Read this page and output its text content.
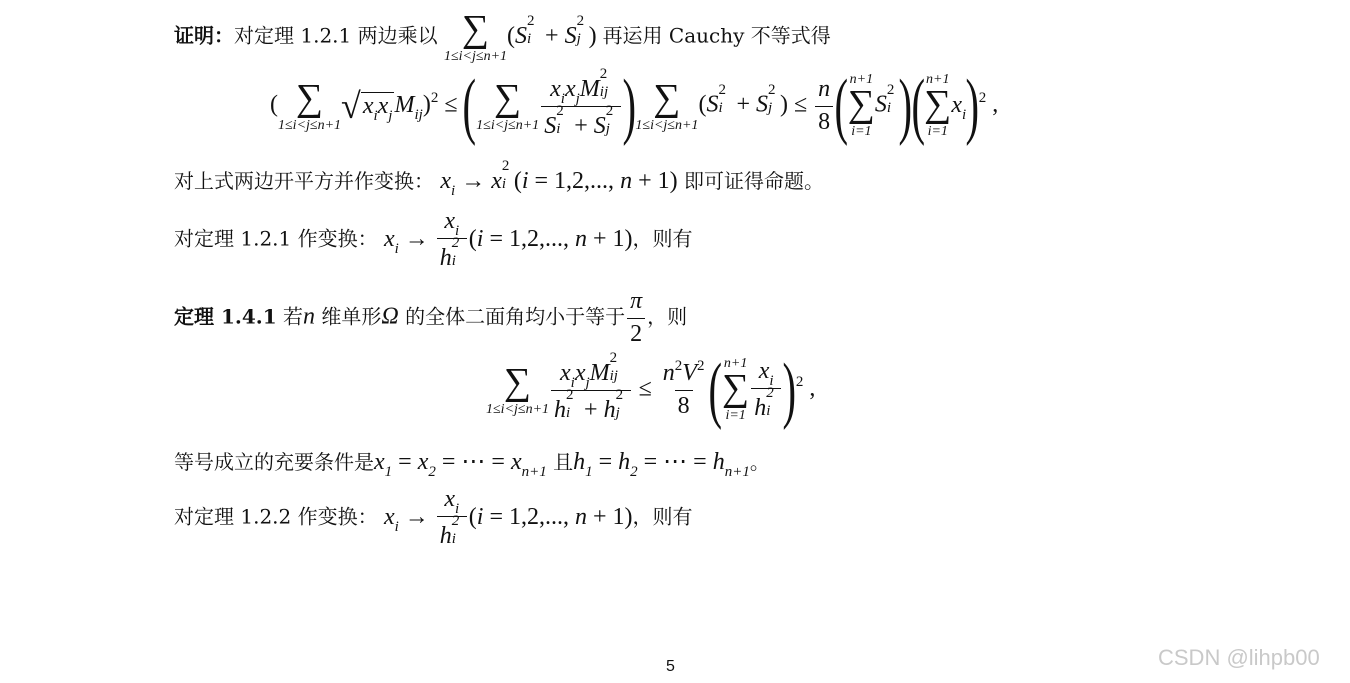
证明：对定理 1.2.1 两边乘以 ∑
1≤i<j≤n+1
(S
2
i + S
2
j ) 再运用 Cauchy 不等式得
( ∑
1≤i<j≤n+1 $√x_ix_jM_{ij})^2$ ≤ ( ∑
1≤i<j≤n+1 $x_ix_jM$
2
ij
S
2
i + S
2
j ) ∑
1≤i<j≤n+1
(S
2
i + S
2
j ) ≤ $\frac{n}{8}$ ( n+1
∑
i=1
S
2
i )( n+1
∑
i=1
$x_i)^2$ ,
对上式两边开平方并作变换： $x_i \to x$
2
i (i = 1,2,..., n + 1) 即可证得命题。
对定理 1.2.1 作变换： $x_i \to x_i$
h
2
i (i = 1,2,..., n + 1)，则有
定理 1.4.1 若n 维单形Ω 的全体二面角均小于等于 $\frac{\pi}{2}$ ，则
∑
1≤i<j≤n+1 $x_ix_jM$
2
ij
h
2
i + h
2
$j \le \frac{n^2V^2}{8}$ ( n+1
∑
i=1 $x_i$
h
2
i )$^2$ ,
等号成立的充要条件是$x_1 = x_2$ = ⋯ = $x_{n+1}$ 且$h_1 = h_2$ = ⋯ = $h_{n+1}$。
对定理 1.2.2 作变换： $x_i \to x_i$
h
2
i (i = 1,2,..., n + 1)，则有
5	CSDN @lihpb00
